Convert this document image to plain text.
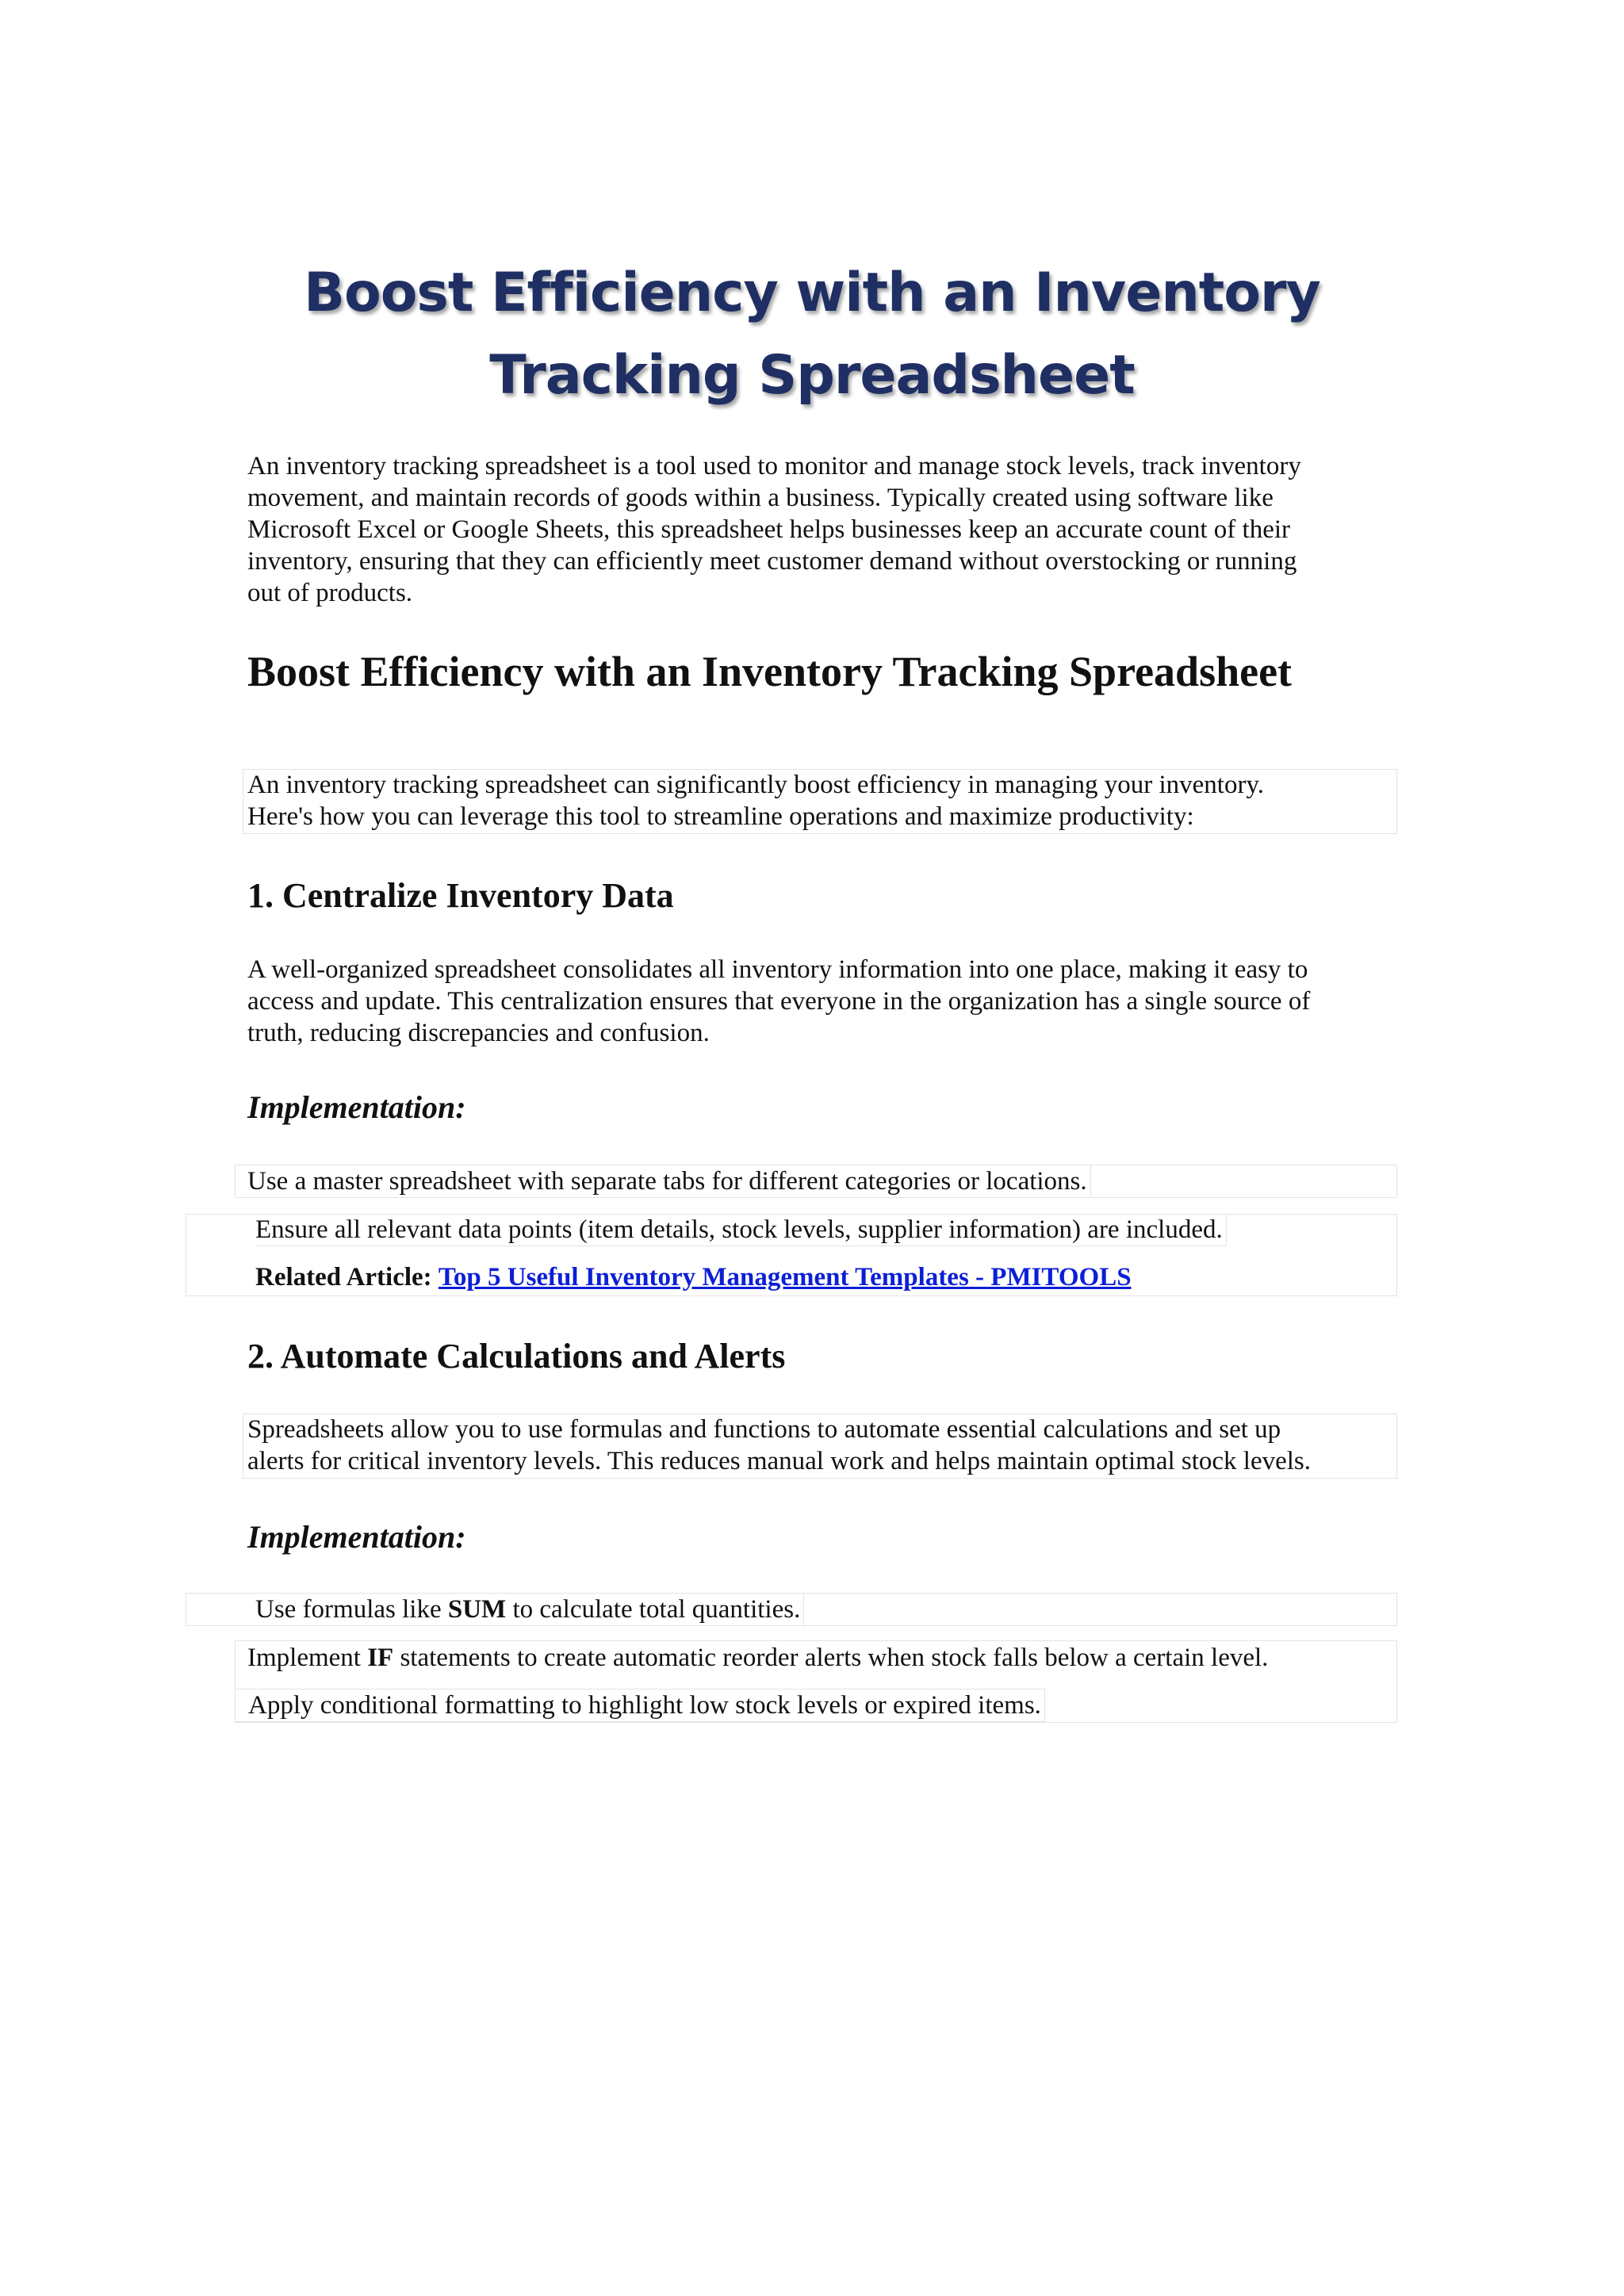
Boost Efficiency with an Inventory
Tracking Spreadsheet
An inventory tracking spreadsheet is a tool used to monitor and manage stock levels, track inventory
movement, and maintain records of goods within a business. Typically created using software like
Microsoft Excel or Google Sheets, this spreadsheet helps businesses keep an accurate count of their
inventory, ensuring that they can efficiently meet customer demand without overstocking or running
out of products.
Boost Efficiency with an Inventory Tracking Spreadsheet
An inventory tracking spreadsheet can significantly boost efficiency in managing your inventory.
Here's how you can leverage this tool to streamline operations and maximize productivity:
1. Centralize Inventory Data
A well-organized spreadsheet consolidates all inventory information into one place, making it easy to
access and update. This centralization ensures that everyone in the organization has a single source of
truth, reducing discrepancies and confusion.
Implementation:
Use a master spreadsheet with separate tabs for different categories or locations.
Ensure all relevant data points (item details, stock levels, supplier information) are included.
Related Article: Top 5 Useful Inventory Management Templates - PMITOOLS
2. Automate Calculations and Alerts
Spreadsheets allow you to use formulas and functions to automate essential calculations and set up
alerts for critical inventory levels. This reduces manual work and helps maintain optimal stock levels.
Implementation:
Use formulas like SUM to calculate total quantities.
Implement IF statements to create automatic reorder alerts when stock falls below a certain level.
Apply conditional formatting to highlight low stock levels or expired items.
